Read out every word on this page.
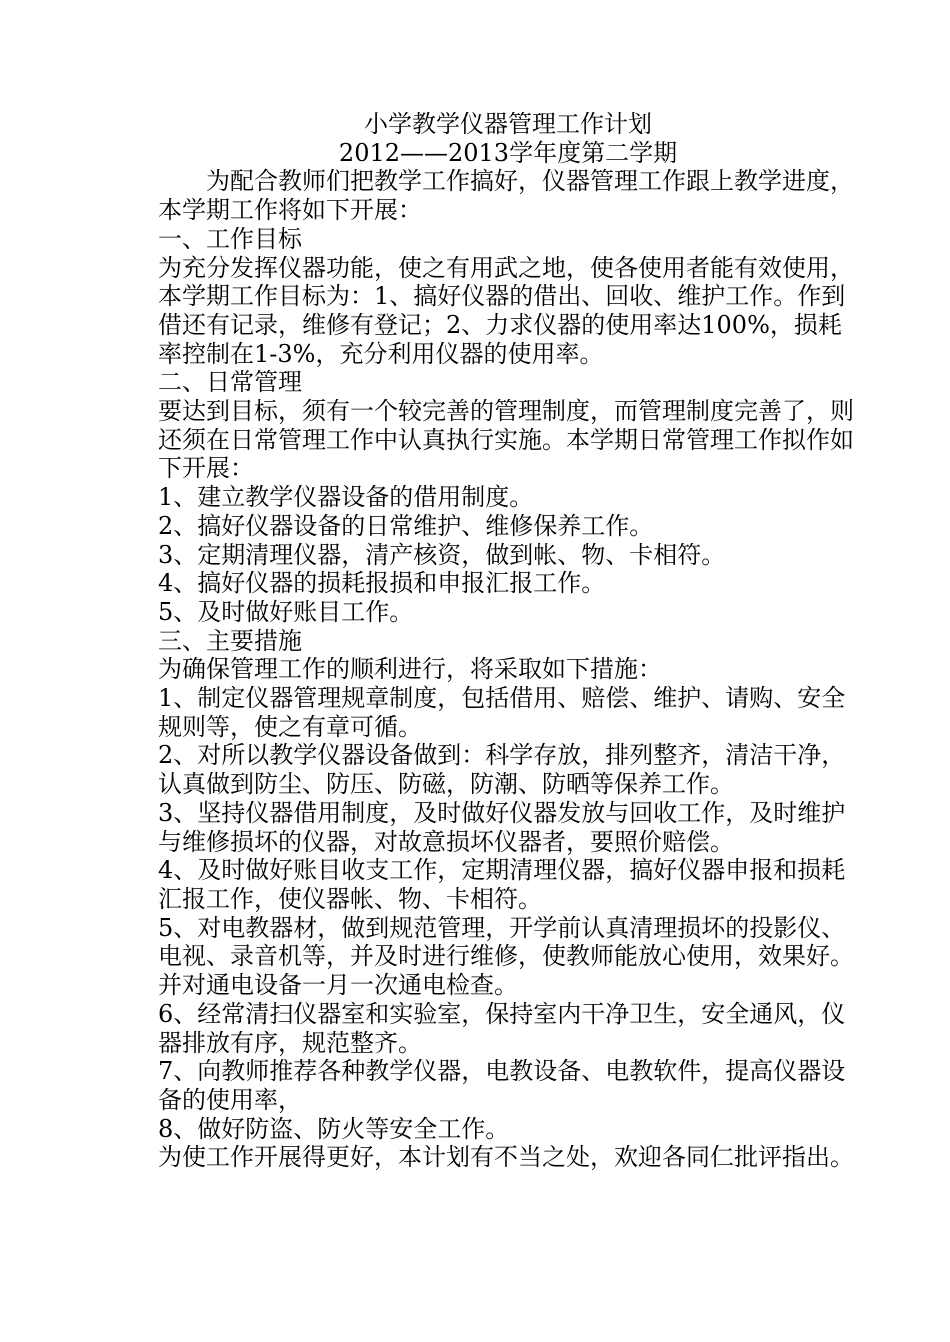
小学教学仪器管理工作计划

2012——2013学年度第二学期

为配合教师们把教学工作搞好，仪器管理工作跟上教学进度，本学期工作将如下开展：

一、工作目标

为充分发挥仪器功能，使之有用武之地，使各使用者能有效使用，本学期工作目标为：1、搞好仪器的借出、回收、维护工作。作到借还有记录，维修有登记；2、力求仪器的使用率达100%，损耗率控制在1-3%，充分利用仪器的使用率。

二、日常管理

要达到目标，须有一个较完善的管理制度，而管理制度完善了，则还须在日常管理工作中认真执行实施。本学期日常管理工作拟作如下开展：

1、建立教学仪器设备的借用制度。

2、搞好仪器设备的日常维护、维修保养工作。

3、定期清理仪器，清产核资，做到帐、物、卡相符。

4、搞好仪器的损耗报损和申报汇报工作。

5、及时做好账目工作。

三、主要措施

为确保管理工作的顺利进行，将采取如下措施：

1、制定仪器管理规章制度，包括借用、赔偿、维护、请购、安全规则等，使之有章可循。

2、对所以教学仪器设备做到：科学存放，排列整齐，清洁干净，认真做到防尘、防压、防磁，防潮、防晒等保养工作。

3、坚持仪器借用制度，及时做好仪器发放与回收工作，及时维护与维修损坏的仪器，对故意损坏仪器者，要照价赔偿。

4、及时做好账目收支工作，定期清理仪器，搞好仪器申报和损耗汇报工作，使仪器帐、物、卡相符。

5、对电教器材，做到规范管理，开学前认真清理损坏的投影仪、电视、录音机等，并及时进行维修，使教师能放心使用，效果好。并对通电设备一月一次通电检查。

6、经常清扫仪器室和实验室，保持室内干净卫生，安全通风，仪器排放有序，规范整齐。

7、向教师推荐各种教学仪器，电教设备、电教软件，提高仪器设备的使用率，

8、做好防盗、防火等安全工作。

为使工作开展得更好，本计划有不当之处，欢迎各同仁批评指出。
